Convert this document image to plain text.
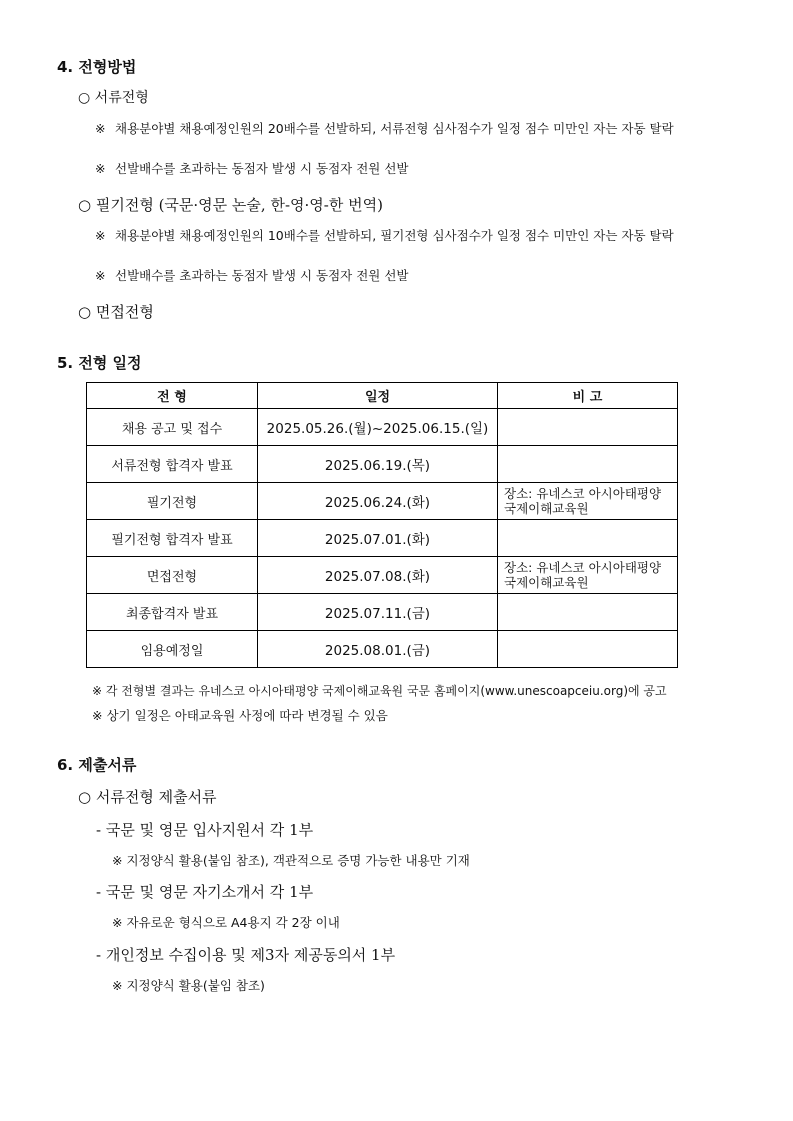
4. 전형방법
○ 서류전형
※ 채용분야별 채용예정인원의 20배수를 선발하되, 서류전형 심사점수가 일정 점수 미만인 자는 자동 탈락
※ 선발배수를 초과하는 동점자 발생 시 동점자 전원 선발
○ 필기전형 (국문·영문 논술, 한-영·영-한 번역)
※ 채용분야별 채용예정인원의 10배수를 선발하되, 필기전형 심사점수가 일정 점수 미만인 자는 자동 탈락
※ 선발배수를 초과하는 동점자 발생 시 동점자 전원 선발
○ 면접전형
5. 전형 일정
전 형	일정	비 고
채용 공고 및 접수	2025.05.26.(월)~2025.06.15.(일)	
서류전형 합격자 발표	2025.06.19.(목)	
필기전형	2025.06.24.(화)	장소: 유네스코 아시아태평양 국제이해교육원
필기전형 합격자 발표	2025.07.01.(화)	
면접전형	2025.07.08.(화)	장소: 유네스코 아시아태평양 국제이해교육원
최종합격자 발표	2025.07.11.(금)	
임용예정일	2025.08.01.(금)	
※ 각 전형별 결과는 유네스코 아시아태평양 국제이해교육원 국문 홈페이지(www.unescoapceiu.org)에 공고
※ 상기 일정은 아태교육원 사정에 따라 변경될 수 있음
6. 제출서류
○ 서류전형 제출서류
- 국문 및 영문 입사지원서 각 1부
※ 지정양식 활용(붙임 참조), 객관적으로 증명 가능한 내용만 기재
- 국문 및 영문 자기소개서 각 1부
※ 자유로운 형식으로 A4용지 각 2장 이내
- 개인정보 수집이용 및 제3자 제공동의서 1부
※ 지정양식 활용(붙임 참조)
